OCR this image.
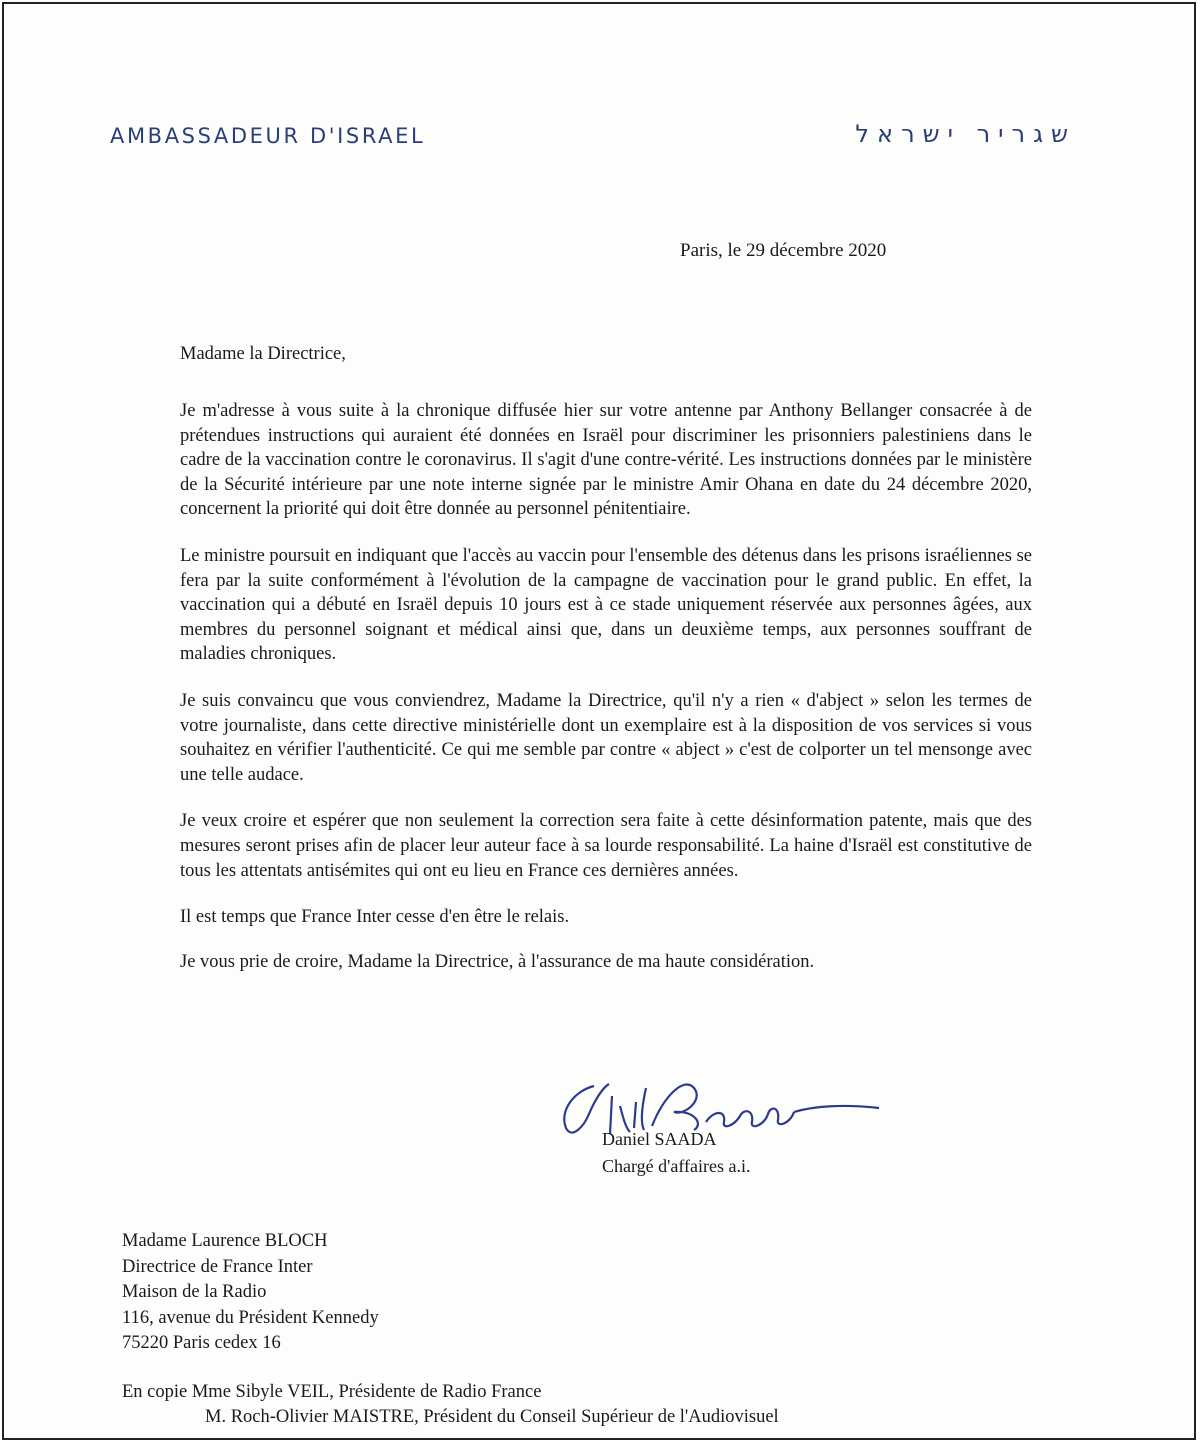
AMBASSADEUR D'ISRAEL	שגריר ישראל
Paris, le 29 décembre 2020
Madame la Directrice,

Je m'adresse à vous suite à la chronique diffusée hier sur votre antenne par Anthony Bellanger consacrée à de prétendues instructions qui auraient été données en Israël pour discriminer les prisonniers palestiniens dans le cadre de la vaccination contre le coronavirus. Il s'agit d'une contre-vérité. Les instructions données par le ministère de la Sécurité intérieure par une note interne signée par le ministre Amir Ohana en date du 24 décembre 2020, concernent la priorité qui doit être donnée au personnel pénitentiaire.

Le ministre poursuit en indiquant que l'accès au vaccin pour l'ensemble des détenus dans les prisons israéliennes se fera par la suite conformément à l'évolution de la campagne de vaccination pour le grand public. En effet, la vaccination qui a débuté en Israël depuis 10 jours est à ce stade uniquement réservée aux personnes âgées, aux membres du personnel soignant et médical ainsi que, dans un deuxième temps, aux personnes souffrant de maladies chroniques.

Je suis convaincu que vous conviendrez, Madame la Directrice, qu'il n'y a rien « d'abject » selon les termes de votre journaliste, dans cette directive ministérielle dont un exemplaire est à la disposition de vos services si vous souhaitez en vérifier l'authenticité. Ce qui me semble par contre « abject » c'est de colporter un tel mensonge avec une telle audace.

Je veux croire et espérer que non seulement la correction sera faite à cette désinformation patente, mais que des mesures seront prises afin de placer leur auteur face à sa lourde responsabilité. La haine d'Israël est constitutive de tous les attentats antisémites qui ont eu lieu en France ces dernières années.

Il est temps que France Inter cesse d'en être le relais.

Je vous prie de croire, Madame la Directrice, à l'assurance de ma haute considération.

Daniel SAADA
Chargé d'affaires a.i.
Madame Laurence BLOCH
Directrice de France Inter
Maison de la Radio
116, avenue du Président Kennedy
75220 Paris cedex 16
En copie Mme Sibyle VEIL, Présidente de Radio France
M. Roch-Olivier MAISTRE, Président du Conseil Supérieur de l'Audiovisuel
